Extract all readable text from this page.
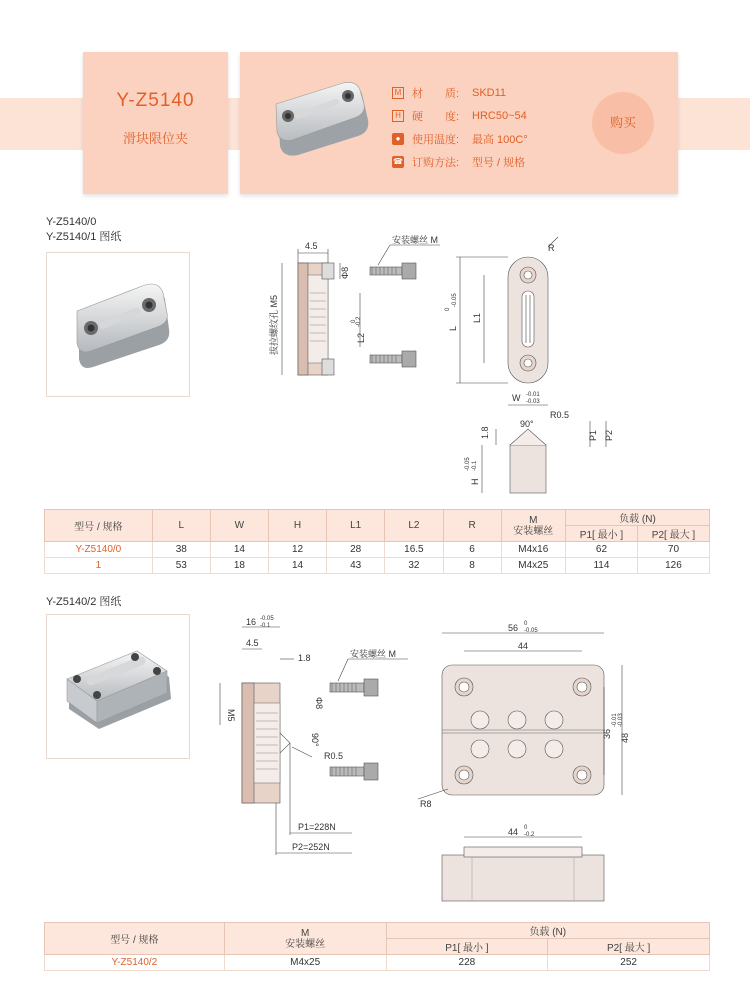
Y-Z5140
滑块限位夹
M 材　　质:	SKD11
H 硬　　度:	HRC50~54
●	使用温度:	最高 100C°
☎ 订购方法:	型号 / 规格
购买
Y-Z5140/0
Y-Z5140/1 图纸
4.5
安装螺丝 M
Φ8
L2
0 -0.2
拔拉螺纹孔 M5
R
L
0
-0.05
L1
W -0.01
-0.03
R0.5
90°
1.8
H
-0.05 -0.1
P1 P2
型号 / 规格	L	W	H	L1	L2	R	M
安装螺丝	负载 (N)	
								P1[ 最小 ]	P2[ 最大 ]
Y-Z5140/0	38	14	12	28	16.5	6	M4x16	62	70
1	53	18	14	43	32	8	M4x25	114	126
Y-Z5140/2 图纸
16 -0.05
-0.1
4.5
1.8	安装螺丝 M
Φ8
M5
90°
R0.5
P1=228N
P2=252N
56 0
-0.05
44
36 48
-0.01 -0.03
R8
44 0
-0.2
型号 / 规格	M
安装螺丝	负载 (N)	
		P1[ 最小 ]	P2[ 最大 ]
Y-Z5140/2	M4x25	228	252
